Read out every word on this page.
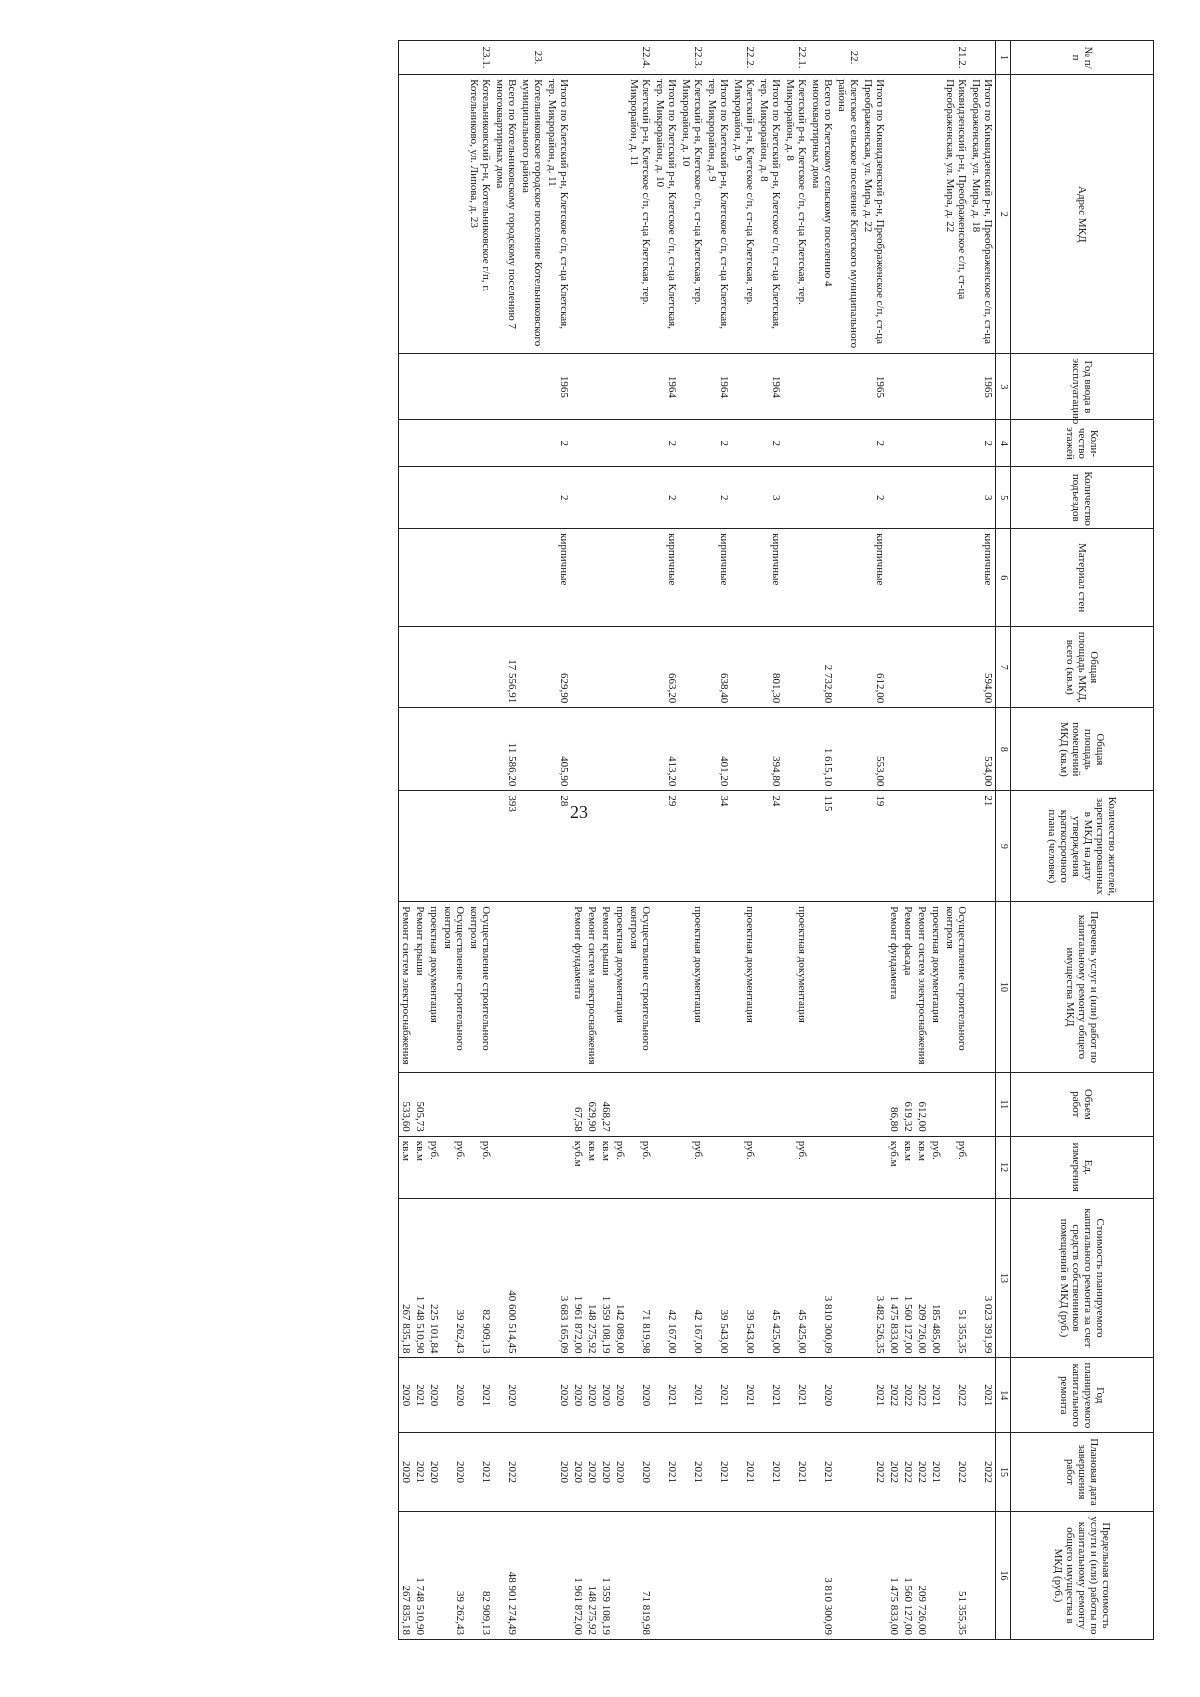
23
№ п/п	Адрес МКД	Год ввода в эксплуатацию	Коли-чество этажей	Количество подъездов	Материал стен	Общая площадь МКД, всего (кв.м)	Общая площадь помещений МКД (кв.м)	Количество жителей, зарегистрированных в МКД на дату утверждения краткосрочного плана (человек)	Перечень услуг и (или) работ по капитальному ремонту общего имущества МКД	Объем работ	Ед. измерения	Стоимость планируемого капитального ремонта за счет средств собственников помещений в МКД (руб.)	Год планируемого капитального ремонта	Плановая дата завершения работ	Предельная стоимость услуги и (или) работы по капитальному ремонту общего имущества в МКД (руб.)
1	2	3	4	5	6	7	8	9	10	11	12	13	14	15	16
	Итого по Киквидзенский р-н, Преображенское с/п, ст-ца Преображенская, ул. Мира, д. 18	1965	2	3	кирпичные	594,00	534,00	21				3 023 391,99	2021	2022	
21.2.	Киквидзенский р-н, Преображенское с/п, ст-ца Преображенская, ул. Мира, д. 22								Осуществление строительного контроля		руб.	51 355,35	2022	2022	51 355,35
									проектная документация		руб.	185 485,00	2021	2021	
									Ремонт систем электроснабжения	612,00	кв.м	209 726,00	2022	2022	209 726,00
									Ремонт фасада	619,32	кв.м	1 560 127,00	2022	2022	1 560 127,00
									Ремонт фундамента	86,80	куб.м	1 475 833,00	2022	2022	1 475 833,00
	Итого по Киквидзенский р-н, Преображенское с/п, ст-ца Преображенская, ул. Мира, д. 22	1965	2	2	кирпичные	612,00	553,00	19				3 482 526,35	2021	2022	
22.	Клетское сельское поселение Клетского муниципального района														
	Всего по Клетскому сельскому поселению 4 многоквартирных дома					2 732,80	1 615,10	115				3 810 300,09	2020	2021	3 810 300,09
22.1.	Клетский р-н, Клетское с/п, ст-ца Клетская, тер. Микрорайон, д. 8								проектная документация		руб.	45 425,00	2021	2021	
	Итого по Клетский р-н, Клетское с/п, ст-ца Клетская, тер. Микрорайон, д. 8	1964	2	3	кирпичные	801,30	394,80	24				45 425,00	2021	2021	
22.2.	Клетский р-н, Клетское с/п, ст-ца Клетская, тер. Микрорайон, д. 9								проектная документация		руб.	39 543,00	2021	2021	
	Итого по Клетский р-н, Клетское с/п, ст-ца Клетская, тер. Микрорайон, д. 9	1964	2	2	кирпичные	638,40	401,20	34				39 543,00	2021	2021	
22.3.	Клетский р-н, Клетское с/п, ст-ца Клетская, тер. Микрорайон, д. 10								проектная документация		руб.	42 167,00	2021	2021	
	Итого по Клетский р-н, Клетское с/п, ст-ца Клетская, тер. Микрорайон, д. 10	1964	2	2	кирпичные	663,20	413,20	29				42 167,00	2021	2021	
22.4.	Клетский р-н, Клетское с/п, ст-ца Клетская, тер. Микрорайон, д. 11								Осуществление строительного контроля		руб.	71 819,98	2020	2020	71 819,98
									проектная документация		руб.	142 089,00	2020	2020	
									Ремонт крыши	468,27	кв.м	1 359 108,19	2020	2020	1 359 108,19
									Ремонт систем электроснабжения	629,90	кв.м	148 275,92	2020	2020	148 275,92
									Ремонт фундамента	67,58	куб.м	1 961 872,00	2020	2020	1 961 872,00
	Итого по Клетский р-н, Клетское с/п, ст-ца Клетская, тер. Микрорайон, д. 11	1965	2	2	кирпичные	629,90	405,90	28				3 683 165,09	2020	2020	
23.	Котельниковское городское поселение Котельниковского муниципального района														
	Всего по Котельниковскому городскому поселению 7 многоквартирных дома					17 556,91	11 586,20	393				40 600 514,45	2020	2022	48 901 274,49
23.1.	Котельниковский р-н, Котельниковское г/п, г. Котельниково, ул. Липова, д. 23								Осуществление строительного контроля		руб.	82 909,13	2021	2021	82 909,13
									Осуществление строительного контроля		руб.	39 262,43	2020	2020	39 262,43
									проектная документация		руб.	225 101,84	2020	2020	
									Ремонт крыши	505,73	кв.м	1 748 510,90	2021	2021	1 748 510,90
									Ремонт систем электроснабжения	533,60	кв.м	267 835,18	2020	2020	267 835,18
